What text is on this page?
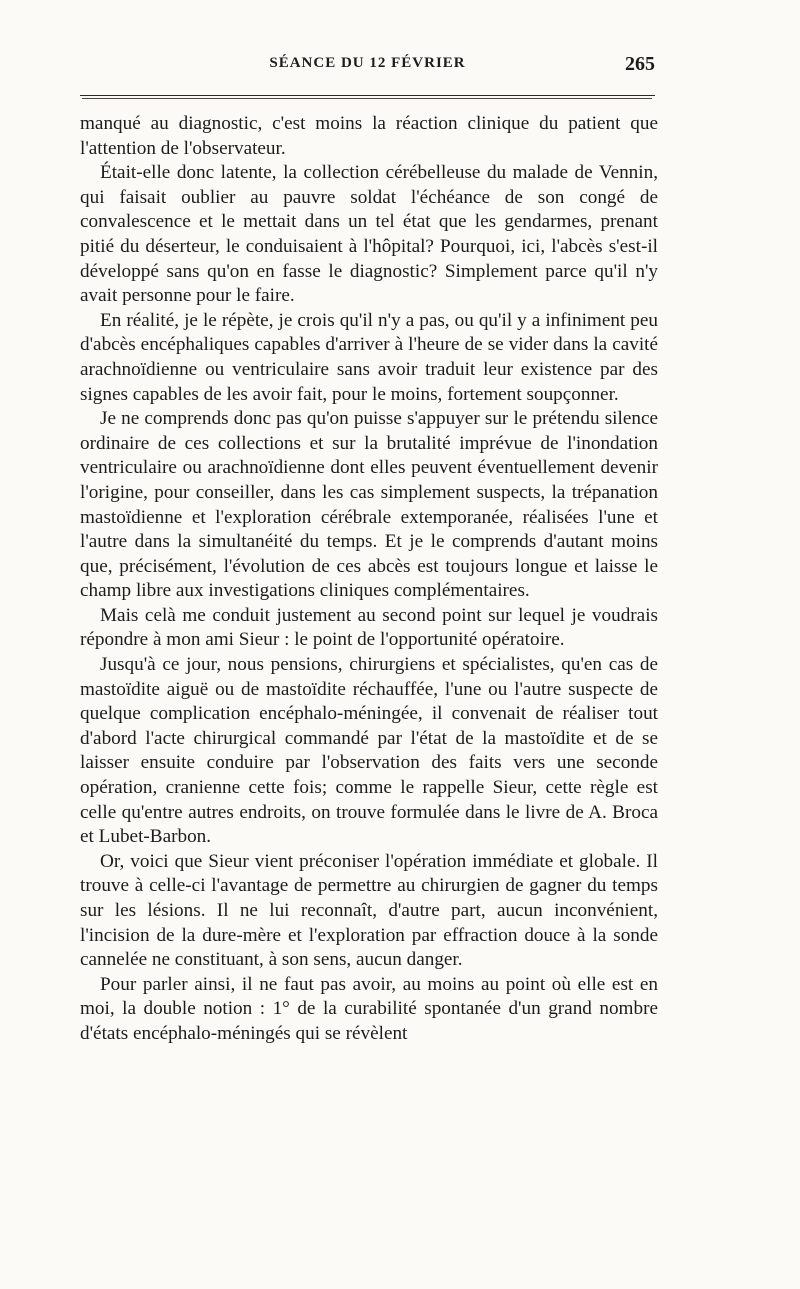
SÉANCE DU 12 FÉVRIER	265

manqué au diagnostic, c'est moins la réaction clinique du patient que l'attention de l'observateur.

Était-elle donc latente, la collection cérébelleuse du malade de Vennin, qui faisait oublier au pauvre soldat l'échéance de son congé de convalescence et le mettait dans un tel état que les gendarmes, prenant pitié du déserteur, le conduisaient à l'hôpital? Pourquoi, ici, l'abcès s'est-il développé sans qu'on en fasse le diagnostic? Simplement parce qu'il n'y avait personne pour le faire.

En réalité, je le répète, je crois qu'il n'y a pas, ou qu'il y a infiniment peu d'abcès encéphaliques capables d'arriver à l'heure de se vider dans la cavité arachnoïdienne ou ventriculaire sans avoir traduit leur existence par des signes capables de les avoir fait, pour le moins, fortement soupçonner.

Je ne comprends donc pas qu'on puisse s'appuyer sur le prétendu silence ordinaire de ces collections et sur la brutalité imprévue de l'inondation ventriculaire ou arachnoïdienne dont elles peuvent éventuellement devenir l'origine, pour conseiller, dans les cas simplement suspects, la trépanation mastoïdienne et l'exploration cérébrale extemporanée, réalisées l'une et l'autre dans la simultanéité du temps. Et je le comprends d'autant moins que, précisément, l'évolution de ces abcès est toujours longue et laisse le champ libre aux investigations cliniques complémentaires.

Mais celà me conduit justement au second point sur lequel je voudrais répondre à mon ami Sieur : le point de l'opportunité opératoire.

Jusqu'à ce jour, nous pensions, chirurgiens et spécialistes, qu'en cas de mastoïdite aiguë ou de mastoïdite réchauffée, l'une ou l'autre suspecte de quelque complication encéphalo-méningée, il convenait de réaliser tout d'abord l'acte chirurgical commandé par l'état de la mastoïdite et de se laisser ensuite conduire par l'observation des faits vers une seconde opération, cranienne cette fois; comme le rappelle Sieur, cette règle est celle qu'entre autres endroits, on trouve formulée dans le livre de A. Broca et Lubet-Barbon.

Or, voici que Sieur vient préconiser l'opération immédiate et globale. Il trouve à celle-ci l'avantage de permettre au chirurgien de gagner du temps sur les lésions. Il ne lui reconnaît, d'autre part, aucun inconvénient, l'incision de la dure-mère et l'exploration par effraction douce à la sonde cannelée ne constituant, à son sens, aucun danger.

Pour parler ainsi, il ne faut pas avoir, au moins au point où elle est en moi, la double notion : 1° de la curabilité spontanée d'un grand nombre d'états encéphalo-méningés qui se révèlent
